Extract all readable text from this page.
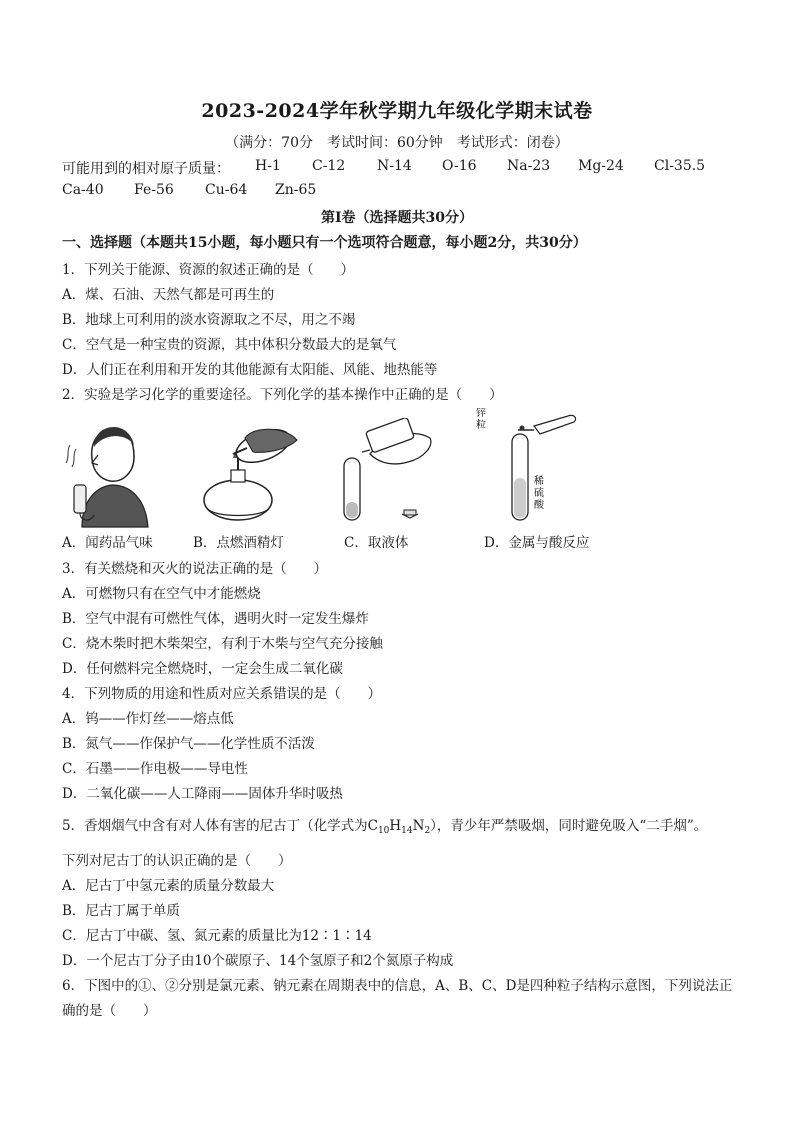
2023-2024学年秋学期九年级化学期末试卷
（满分：70分　考试时间：60分钟　考试形式：闭卷）
可能用到的相对原子质量： H-1 C-12 N-14 O-16 Na-23 Mg-24 Cl-35.5
Ca-40 Fe-56 Cu-64 Zn-65
第Ⅰ卷（选择题共30分）
一、选择题（本题共15小题，每小题只有一个选项符合题意，每小题2分，共30分）
1．下列关于能源、资源的叙述正确的是（　　）
A．煤、石油、天然气都是可再生的
B．地球上可利用的淡水资源取之不尽，用之不竭
C．空气是一种宝贵的资源，其中体积分数最大的是氧气
D．人们正在利用和开发的其他能源有太阳能、风能、地热能等
2．实验是学习化学的重要途径。下列化学的基本操作中正确的是（　　）
锌
粒
稀
硫
酸
A．闻药品气味	B．点燃酒精灯	C．取液体	D．金属与酸反应
3．有关燃烧和灭火的说法正确的是（　　）
A．可燃物只有在空气中才能燃烧
B．空气中混有可燃性气体，遇明火时一定发生爆炸
C．烧木柴时把木柴架空，有利于木柴与空气充分接触
D．任何燃料完全燃烧时，一定会生成二氧化碳
4．下列物质的用途和性质对应关系错误的是（　　）
A．钨——作灯丝——熔点低
B．氮气——作保护气——化学性质不活泼
C．石墨——作电极——导电性
D．二氧化碳——人工降雨——固体升华时吸热
5．香烟烟气中含有对人体有害的尼古丁（化学式为$C_{10}H_{14}N_2$），青少年严禁吸烟，同时避免吸入“二手烟”。
下列对尼古丁的认识正确的是（　　）
A．尼古丁中氢元素的质量分数最大
B．尼古丁属于单质
C．尼古丁中碳、氢、氮元素的质量比为12∶1∶14
D．一个尼古丁分子由10个碳原子、14个氢原子和2个氮原子构成
6．下图中的①、②分别是氯元素、钠元素在周期表中的信息，A、B、C、D是四种粒子结构示意图，下列说法正确的是（　　）
